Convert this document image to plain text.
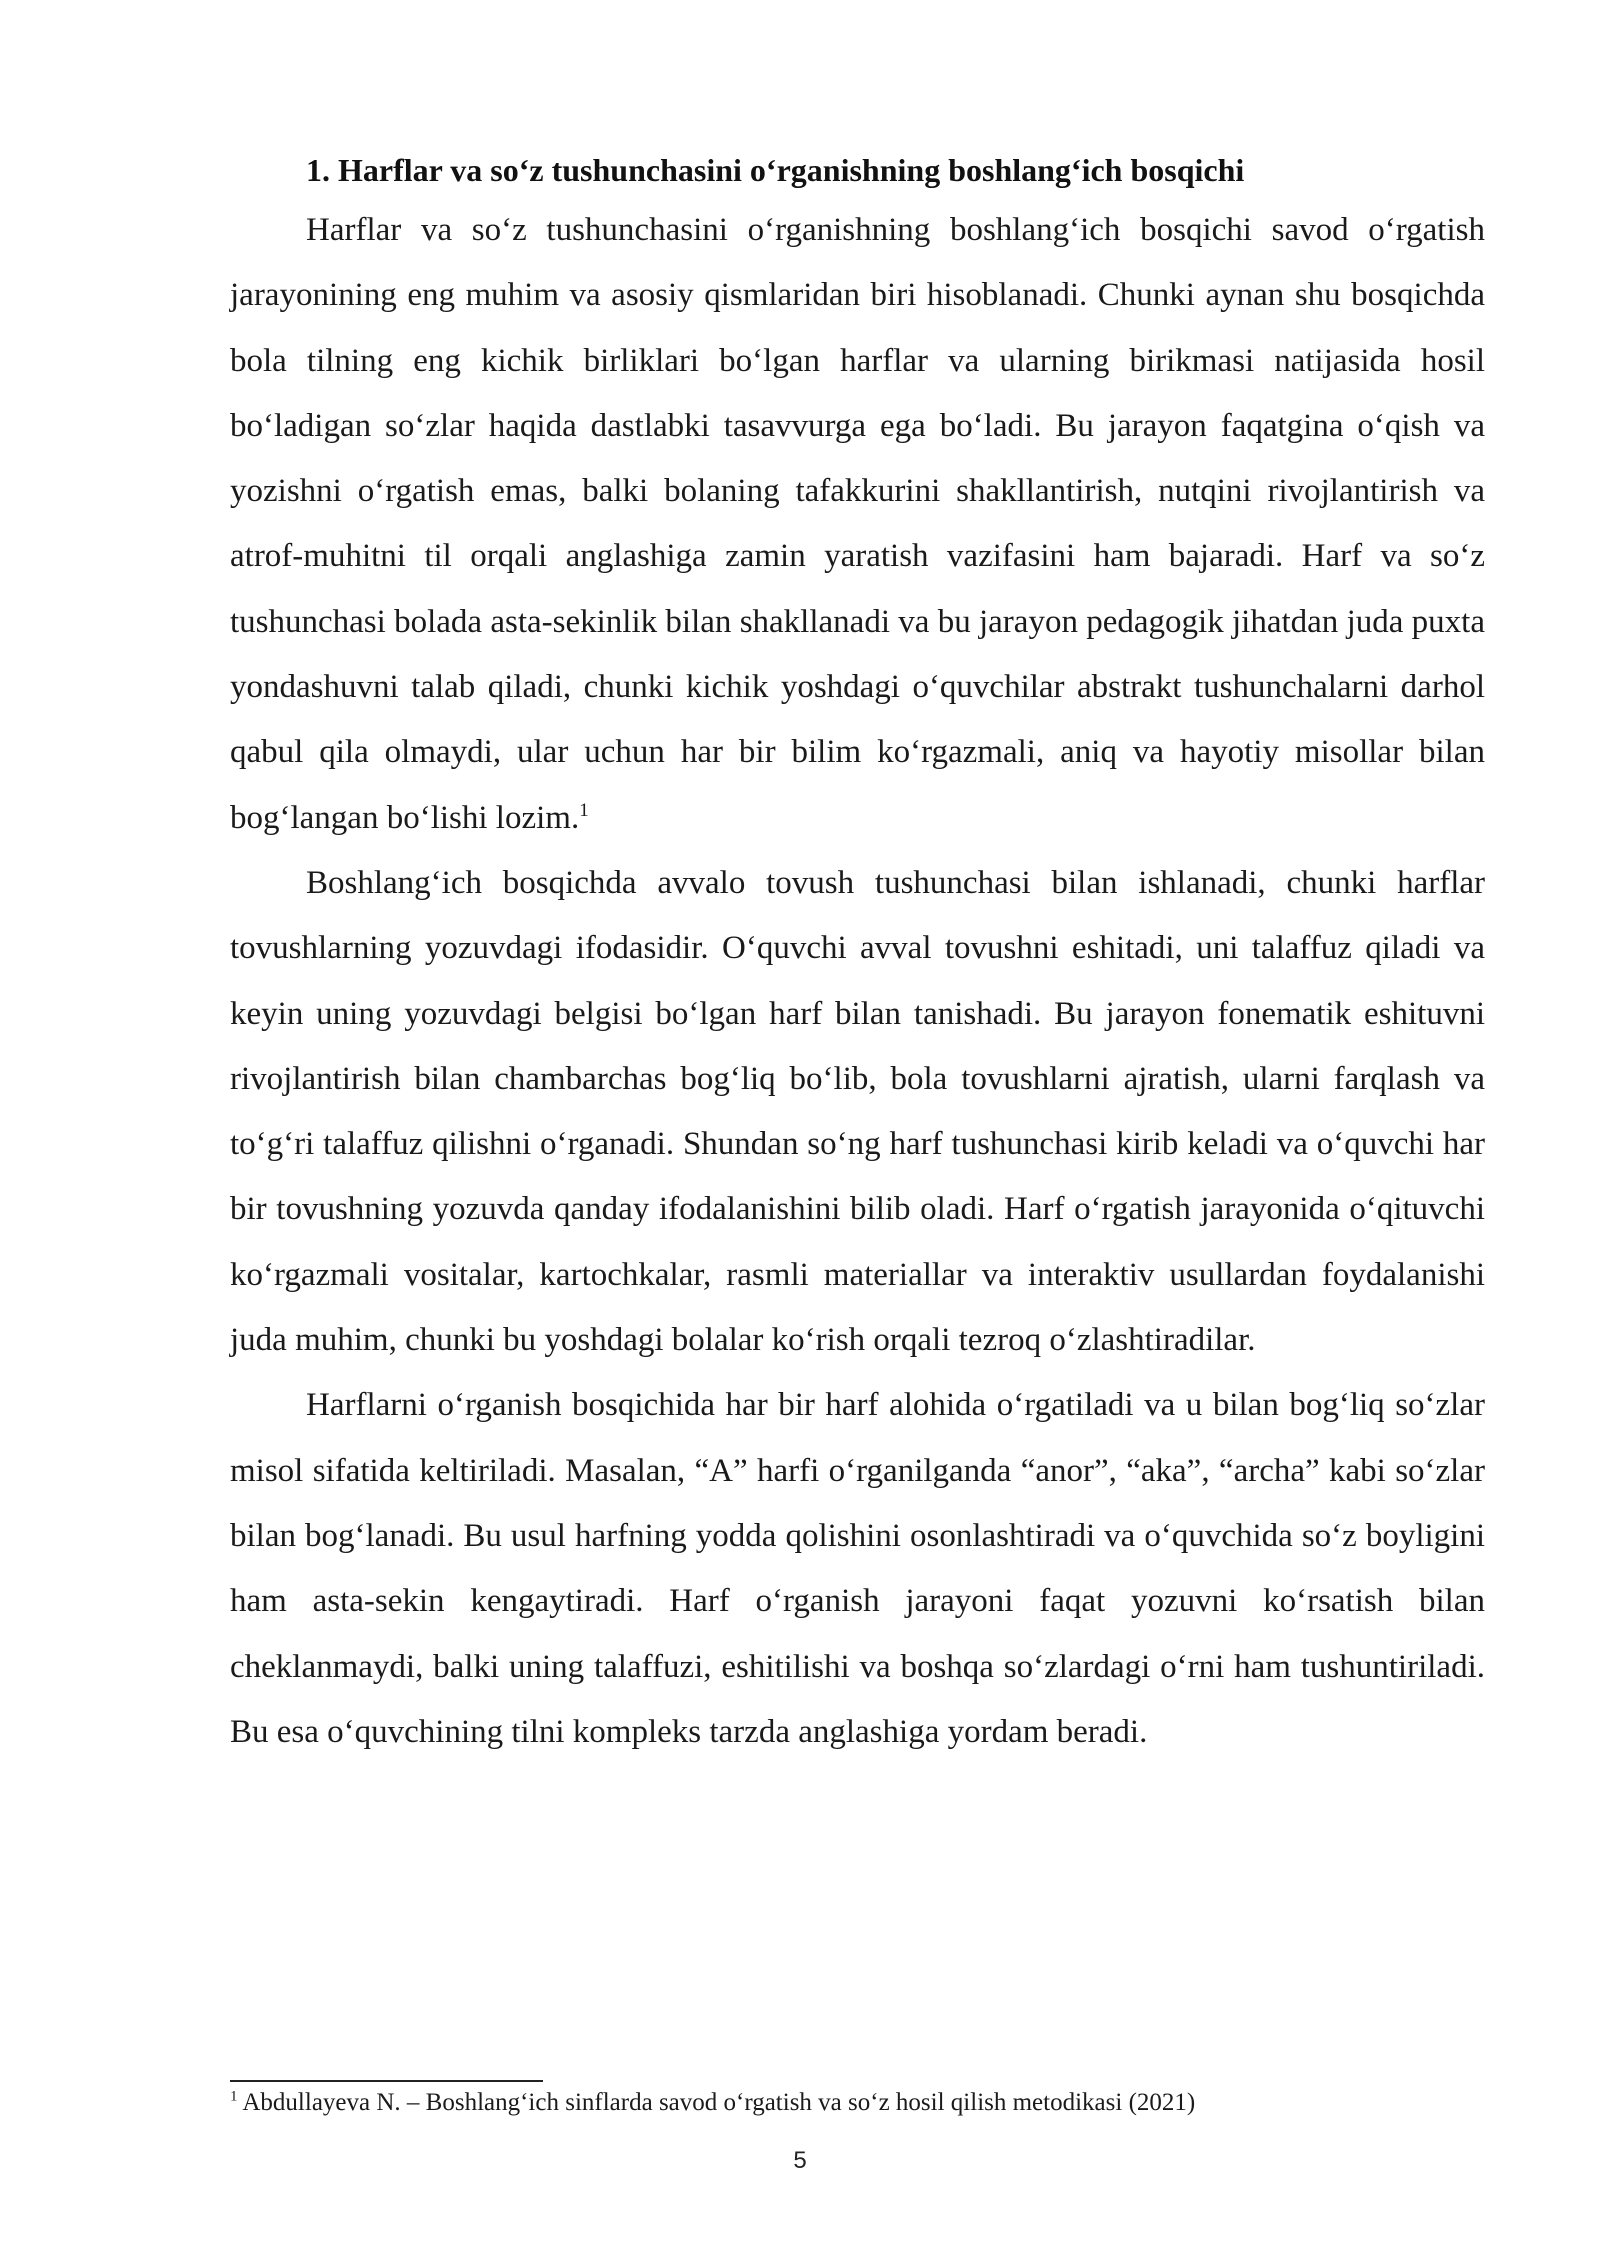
1. Harflar va so‘z tushunchasini o‘rganishning boshlang‘ich bosqichi

Harflar va so‘z tushunchasini o‘rganishning boshlang‘ich bosqichi savod o‘rgatish jarayonining eng muhim va asosiy qismlaridan biri hisoblanadi. Chunki aynan shu bosqichda bola tilning eng kichik birliklari bo‘lgan harflar va ularning birikmasi natijasida hosil bo‘ladigan so‘zlar haqida dastlabki tasavvurga ega bo‘ladi. Bu jarayon faqatgina o‘qish va yozishni o‘rgatish emas, balki bolaning tafakkurini shakllantirish, nutqini rivojlantirish va atrof-muhitni til orqali anglashiga zamin yaratish vazifasini ham bajaradi. Harf va so‘z tushunchasi bolada asta-sekinlik bilan shakllanadi va bu jarayon pedagogik jihatdan juda puxta yondashuvni talab qiladi, chunki kichik yoshdagi o‘quvchilar abstrakt tushunchalarni darhol qabul qila olmaydi, ular uchun har bir bilim ko‘rgazmali, aniq va hayotiy misollar bilan bog‘langan bo‘lishi lozim.$^1$

Boshlang‘ich bosqichda avvalo tovush tushunchasi bilan ishlanadi, chunki harflar tovushlarning yozuvdagi ifodasidir. O‘quvchi avval tovushni eshitadi, uni talaffuz qiladi va keyin uning yozuvdagi belgisi bo‘lgan harf bilan tanishadi. Bu jarayon fonematik eshituvni rivojlantirish bilan chambarchas bog‘liq bo‘lib, bola tovushlarni ajratish, ularni farqlash va to‘g‘ri talaffuz qilishni o‘rganadi. Shundan so‘ng harf tushunchasi kirib keladi va o‘quvchi har bir tovushning yozuvda qanday ifodalanishini bilib oladi. Harf o‘rgatish jarayonida o‘qituvchi ko‘rgazmali vositalar, kartochkalar, rasmli materiallar va interaktiv usullardan foydalanishi juda muhim, chunki bu yoshdagi bolalar ko‘rish orqali tezroq o‘zlashtiradilar.

Harflarni o‘rganish bosqichida har bir harf alohida o‘rgatiladi va u bilan bog‘liq so‘zlar misol sifatida keltiriladi. Masalan, “A” harfi o‘rganilganda “anor”, “aka”, “archa” kabi so‘zlar bilan bog‘lanadi. Bu usul harfning yodda qolishini osonlashtiradi va o‘quvchida so‘z boyligini ham asta-sekin kengaytiradi. Harf o‘rganish jarayoni faqat yozuvni ko‘rsatish bilan cheklanmaydi, balki uning talaffuzi, eshitilishi va boshqa so‘zlardagi o‘rni ham tushuntiriladi. Bu esa o‘quvchining tilni kompleks tarzda anglashiga yordam beradi.

$^1$ Abdullayeva N. – Boshlang‘ich sinflarda savod o‘rgatish va so‘z hosil qilish metodikasi (2021)

5
